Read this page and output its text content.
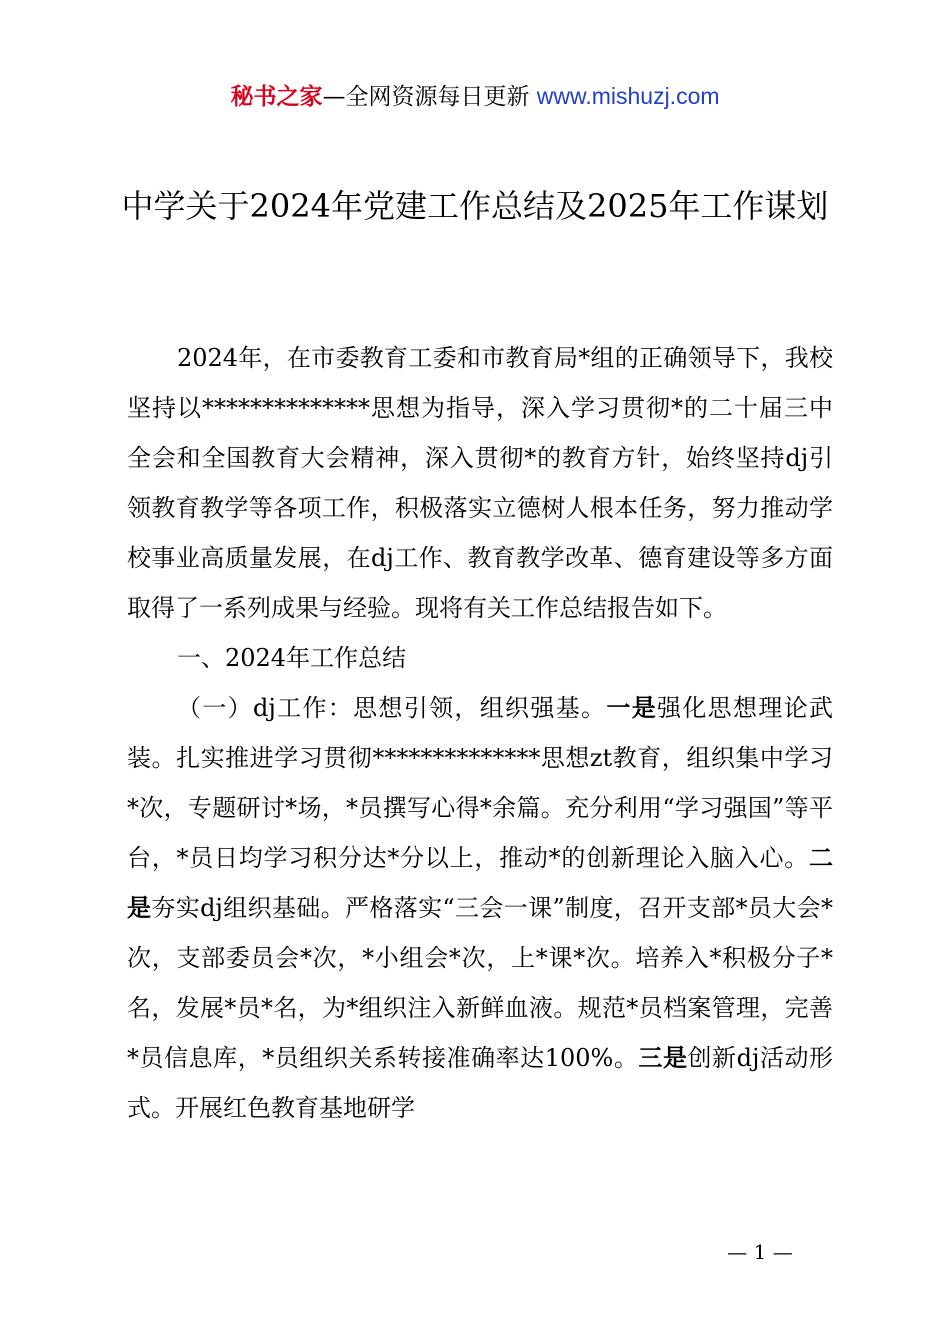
秘书之家—全网资源每日更新 www.mishuzj.com
中学关于2024年党建工作总结及2025年工作谋划

2024年，在市委教育工委和市教育局*组的正确领导下，我校坚持以**************思想为指导，深入学习贯彻*的二十届三中全会和全国教育大会精神，深入贯彻*的教育方针，始终坚持dj引领教育教学等各项工作，积极落实立德树人根本任务，努力推动学校事业高质量发展，在dj工作、教育教学改革、德育建设等多方面取得了一系列成果与经验。现将有关工作总结报告如下。

一、2024年工作总结

（一）dj工作：思想引领，组织强基。一是强化思想理论武装。扎实推进学习贯彻**************思想zt教育，组织集中学习*次，专题研讨*场，*员撰写心得*余篇。充分利用“学习强国”等平台，*员日均学习积分达*分以上，推动*的创新理论入脑入心。二是夯实dj组织基础。严格落实“三会一课”制度，召开支部*员大会*次，支部委员会*次，*小组会*次，上*课*次。培养入*积极分子*名，发展*员*名，为*组织注入新鲜血液。规范*员档案管理，完善*员信息库，*员组织关系转接准确率达100%。三是创新dj活动形式。开展红色教育基地研学

— 1 —
